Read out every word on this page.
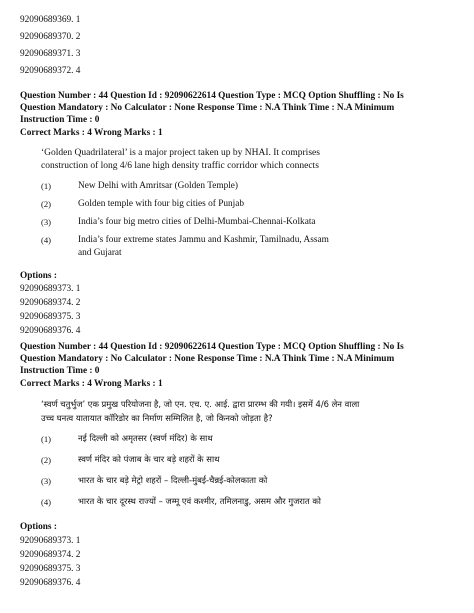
92090689369. 1
92090689370. 2
92090689371. 3
92090689372. 4
Question Number : 44 Question Id : 92090622614 Question Type : MCQ Option Shuffling : No Is
Question Mandatory : No Calculator : None Response Time : N.A Think Time : N.A Minimum
Instruction Time : 0
Correct Marks : 4 Wrong Marks : 1
‘Golden Quadrilateral’ is a major project taken up by NHAI. It comprises
construction of long 4/6 lane high density traffic corridor which connects
(1)	New Delhi with Amritsar (Golden Temple)
(2)	Golden temple with four big cities of Punjab
(3)	India’s four big metro cities of Delhi-Mumbai-Chennai-Kolkata
(4)	India’s four extreme states Jammu and Kashmir, Tamilnadu, Assam
and Gujarat
Options :
92090689373. 1
92090689374. 2
92090689375. 3
92090689376. 4
Question Number : 44 Question Id : 92090622614 Question Type : MCQ Option Shuffling : No Is
Question Mandatory : No Calculator : None Response Time : N.A Think Time : N.A Minimum
Instruction Time : 0
Correct Marks : 4 Wrong Marks : 1
‘स्वर्ण चतुर्भुज’ एक प्रमुख परियोजना है, जो एन. एच. ए. आई. द्वारा प्रारम्भ की गयी। इसमें 4/6 लेन वाला
उच्च घनत्व यातायात कॉरिडोर का निर्माण सम्मिलित है, जो किनको जोड़ता है?
(1)	नई दिल्ली को अमृतसर (स्वर्ण मंदिर) के साथ
(2)	स्वर्ण मंदिर को पंजाब के चार बड़े शहरों के साथ
(3)	भारत के चार बड़े मेट्रो शहरों – दिल्ली-मुंबई-चैन्नई-कोलकाता को
(4)	भारत के चार दूरस्थ राज्यों – जम्मू एवं कश्मीर, तमिलनाडु, असम और गुजरात को
Options :
92090689373. 1
92090689374. 2
92090689375. 3
92090689376. 4
